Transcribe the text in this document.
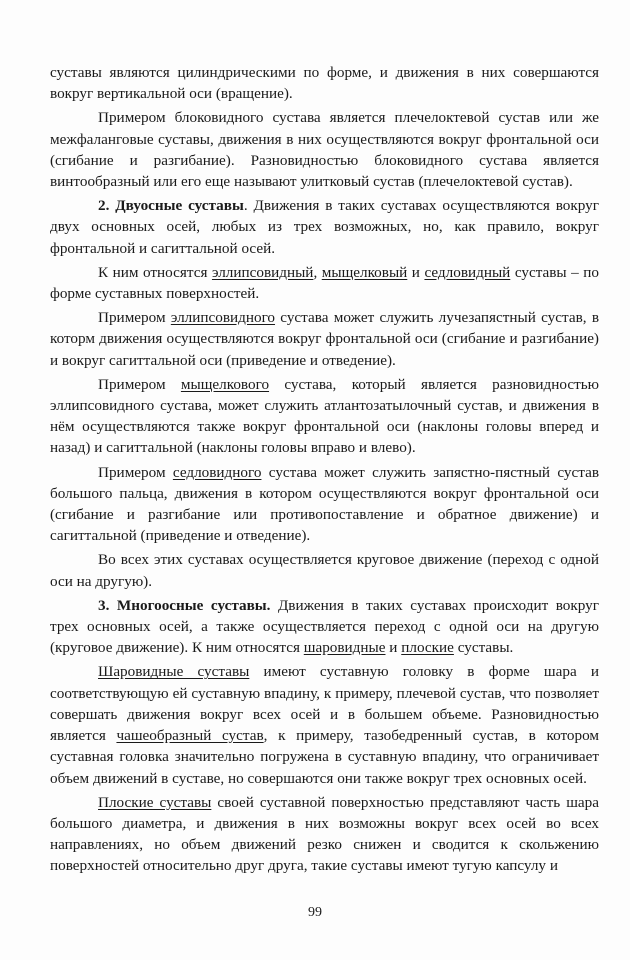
суставы являются цилиндрическими по форме, и движения в них совершаются вокруг вертикальной оси (вращение).

Примером блоковидного сустава является плечелоктевой сустав или же межфаланговые суставы, движения в них осуществляются вокруг фронтальной оси (сгибание и разгибание). Разновидностью блоковидного сустава является винтообразный или его еще называют улитковый сустав (плечелоктевой сустав).

2. Двуосные суставы. Движения в таких суставах осуществляются вокруг двух основных осей, любых из трех возможных, но, как правило, вокруг фронтальной и сагиттальной осей.

К ним относятся эллипсовидный, мыщелковый и седловидный суставы – по форме суставных поверхностей.

Примером эллипсовидного сустава может служить лучезапястный сустав, в которм движения осуществляются вокруг фронтальной оси (сгибание и разгибание) и вокруг сагиттальной оси (приведение и отведение).

Примером мыщелкового сустава, который является разновидностью эллипсовидного сустава, может служить атлантозатылочный сустав, и движения в нём осуществляются также вокруг фронтальной оси (наклоны головы вперед и назад) и сагиттальной (наклоны головы вправо и влево).

Примером седловидного сустава может служить запястно-пястный сустав большого пальца, движения в котором осуществляются вокруг фронтальной оси (сгибание и разгибание или противопоставление и обратное движение) и сагиттальной (приведение и отведение).

Во всех этих суставах осуществляется круговое движение (переход с одной оси на другую).

3. Многоосные суставы. Движения в таких суставах происходит вокруг трех основных осей, а также осуществляется переход с одной оси на другую (круговое движение). К ним относятся шаровидные и плоские суставы.

Шаровидные суставы имеют суставную головку в форме шара и соответствующую ей суставную впадину, к примеру, плечевой сустав, что позволяет совершать движения вокруг всех осей и в большем объеме. Разновидностью является чашеобразный сустав, к примеру, тазобедренный сустав, в котором суставная головка значительно погружена в суставную впадину, что ограничивает объем движений в суставе, но совершаются они также вокруг трех основных осей.

Плоские суставы своей суставной поверхностью представляют часть шара большого диаметра, и движения в них возможны вокруг всех осей во всех направлениях, но объем движений резко снижен и сводится к скольжению поверхностей относительно друг друга, такие суставы имеют тугую капсулу и

99
